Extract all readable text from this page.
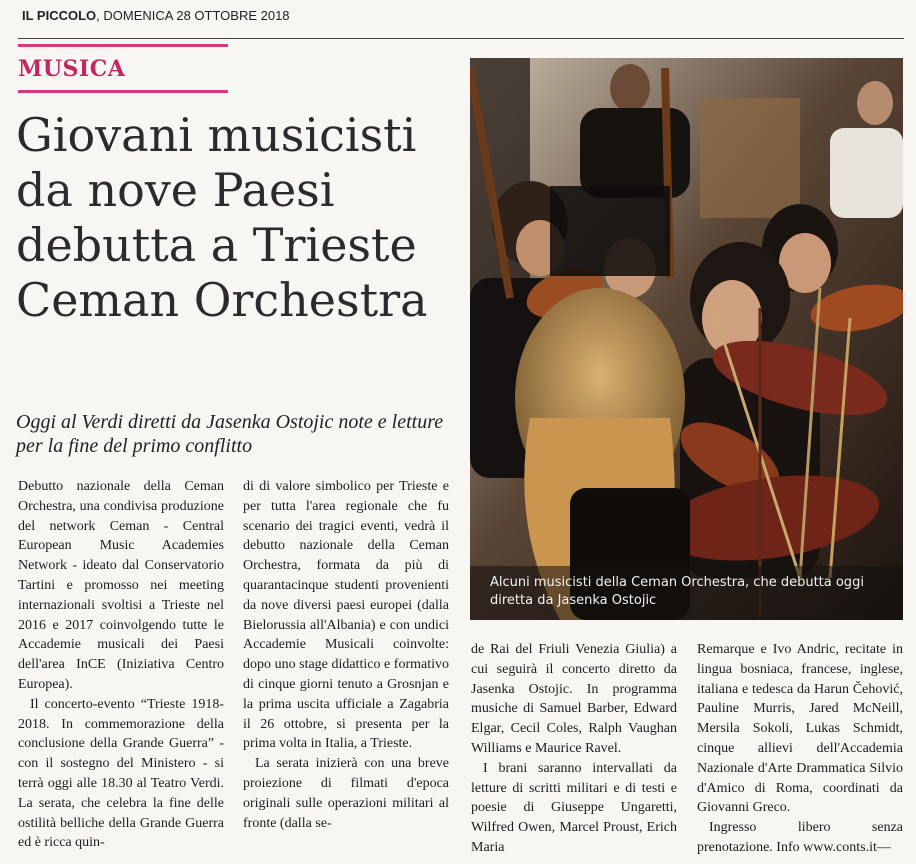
IL PICCOLO, DOMENICA 28 OTTOBRE 2018
MUSICA
Giovani musicisti da nove Paesi debutta a Trieste Ceman Orchestra
Oggi al Verdi diretti da Jasenka Ostojic note e letture per la fine del primo conflitto
Alcuni musicisti della Ceman Orchestra, che debutta oggi diretta da Jasenka Ostojic

Debutto nazionale della Ceman Orchestra, una condivisa produzione del network Ceman - Central European Music Academies Network - ideato dal Conservatorio Tartini e promosso nei meeting internazionali svoltisi a Trieste nel 2016 e 2017 coinvolgendo tutte le Accademie musicali dei Paesi dell'area InCE (Iniziativa Centro Europea).

Il concerto-evento “Trieste 1918-2018. In commemorazione della conclusione della Grande Guerra” - con il sostegno del Ministero - si terrà oggi alle 18.30 al Teatro Verdi. La serata, che celebra la fine delle ostilità belliche della Grande Guerra ed è ricca quin-

di di valore simbolico per Trieste e per tutta l'area regionale che fu scenario dei tragici eventi, vedrà il debutto nazionale della Ceman Orchestra, formata da più di quarantacinque studenti provenienti da nove diversi paesi europei (dalla Bielorussia all'Albania) e con undici Accademie Musicali coinvolte: dopo uno stage didattico e formativo di cinque giorni tenuto a Grosnjan e la prima uscita ufficiale a Zagabria il 26 ottobre, si presenta per la prima volta in Italia, a Trieste.

La serata inizierà con una breve proiezione di filmati d'epoca originali sulle operazioni militari al fronte (dalla se-

de Rai del Friuli Venezia Giulia) a cui seguirà il concerto diretto da Jasenka Ostojic. In programma musiche di Samuel Barber, Edward Elgar, Cecil Coles, Ralph Vaughan Williams e Maurice Ravel.

I brani saranno intervallati da letture di scritti militari e di testi e poesie di Giuseppe Ungaretti, Wilfred Owen, Marcel Proust, Erich Maria

Remarque e Ivo Andric, recitate in lingua bosniaca, francese, inglese, italiana e tedesca da Harun Čehović, Pauline Murris, Jared McNeill, Mersila Sokoli, Lukas Schmidt, cinque allievi dell'Accademia Nazionale d'Arte Drammatica Silvio d'Amico di Roma, coordinati da Giovanni Greco.

Ingresso libero senza prenotazione. Info www.conts.it—
